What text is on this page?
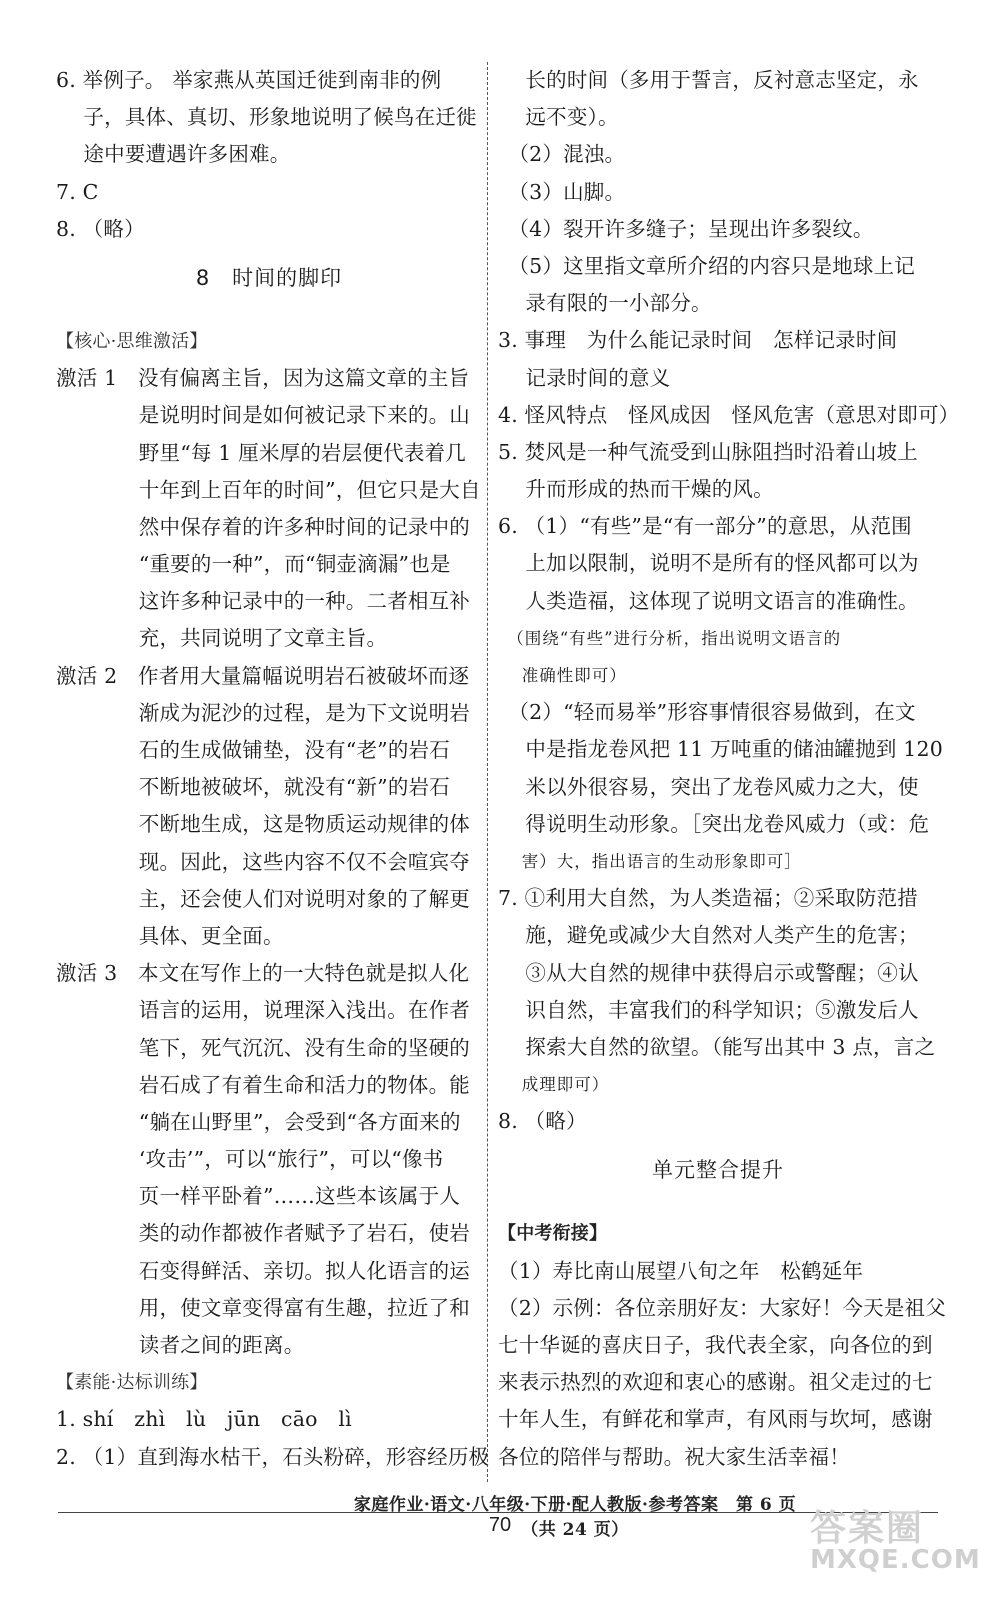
6. 举例子。 举家燕从英国迁徙到南非的例
　 子，具体、真切、形象地说明了候鸟在迁徙
　 途中要遭遇许多困难。
7. C
8. （略）
8　时间的脚印
【核心·思维激活】
激活 1　没有偏离主旨，因为这篇文章的主旨
　　　　是说明时间是如何被记录下来的。山
　　　　野里“每 1 厘米厚的岩层便代表着几
　　　　十年到上百年的时间”，但它只是大自
　　　　然中保存着的许多种时间的记录中的
　　　　“重要的一种”，而“铜壶滴漏”也是
　　　　这许多种记录中的一种。二者相互补
　　　　充，共同说明了文章主旨。
激活 2　作者用大量篇幅说明岩石被破坏而逐
　　　　渐成为泥沙的过程，是为下文说明岩
　　　　石的生成做铺垫，没有“老”的岩石
　　　　不断地被破坏，就没有“新”的岩石
　　　　不断地生成，这是物质运动规律的体
　　　　现。因此，这些内容不仅不会喧宾夺
　　　　主，还会使人们对说明对象的了解更
　　　　具体、更全面。
激活 3　本文在写作上的一大特色就是拟人化
　　　　语言的运用，说理深入浅出。在作者
　　　　笔下，死气沉沉、没有生命的坚硬的
　　　　岩石成了有着生命和活力的物体。能
　　　　“躺在山野里”，会受到“各方面来的
　　　　‘攻击’”，可以“旅行”，可以“像书
　　　　页一样平卧着”……这些本该属于人
　　　　类的动作都被作者赋予了岩石，使岩
　　　　石变得鲜活、亲切。拟人化语言的运
　　　　用，使文章变得富有生趣，拉近了和
　　　　读者之间的距离。
【素能·达标训练】
1. shí　zhì　lù　jūn　cāo　lì
2. （1）直到海水枯干，石头粉碎，形容经历极
　 长的时间（多用于誓言，反衬意志坚定，永
　 远不变）。
　（2）混浊。
　（3）山脚。
　（4）裂开许多缝子；呈现出许多裂纹。
　（5）这里指文章所介绍的内容只是地球上记
　 录有限的一小部分。
3. 事理　为什么能记录时间　怎样记录时间
　 记录时间的意义
4. 怪风特点　怪风成因　怪风危害（意思对即可）
5. 焚风是一种气流受到山脉阻挡时沿着山坡上
　 升而形成的热而干燥的风。
6. （1）“有些”是“有一部分”的意思，从范围
　 上加以限制，说明不是所有的怪风都可以为
　 人类造福，这体现了说明文语言的准确性。
　（围绕“有些”进行分析，指出说明文语言的
　 准确性即可）
　（2）“轻而易举”形容事情很容易做到，在文
　 中是指龙卷风把 11 万吨重的储油罐抛到 120
　 米以外很容易，突出了龙卷风威力之大，使
　 得说明生动形象。［突出龙卷风威力（或：危
　 害）大，指出语言的生动形象即可］
7. ①利用大自然，为人类造福；②采取防范措
　 施，避免或减少大自然对人类产生的危害；
　 ③从大自然的规律中获得启示或警醒；④认
　 识自然，丰富我们的科学知识；⑤激发后人
　 探索大自然的欲望。（能写出其中 3 点，言之
　 成理即可）
8. （略）
单元整合提升
【中考衔接】
（1）寿比南山展望八旬之年　松鹤延年
（2）示例：各位亲朋好友：大家好！今天是祖父
七十华诞的喜庆日子，我代表全家，向各位的到
来表示热烈的欢迎和衷心的感谢。祖父走过的七
十年人生，有鲜花和掌声，有风雨与坎坷，感谢
各位的陪伴与帮助。祝大家生活幸福！
家庭作业·语文·八年级·下册·配人教版·参考答案　第 6 页（共 24 页）
70	答案圈
MXQE.COM
